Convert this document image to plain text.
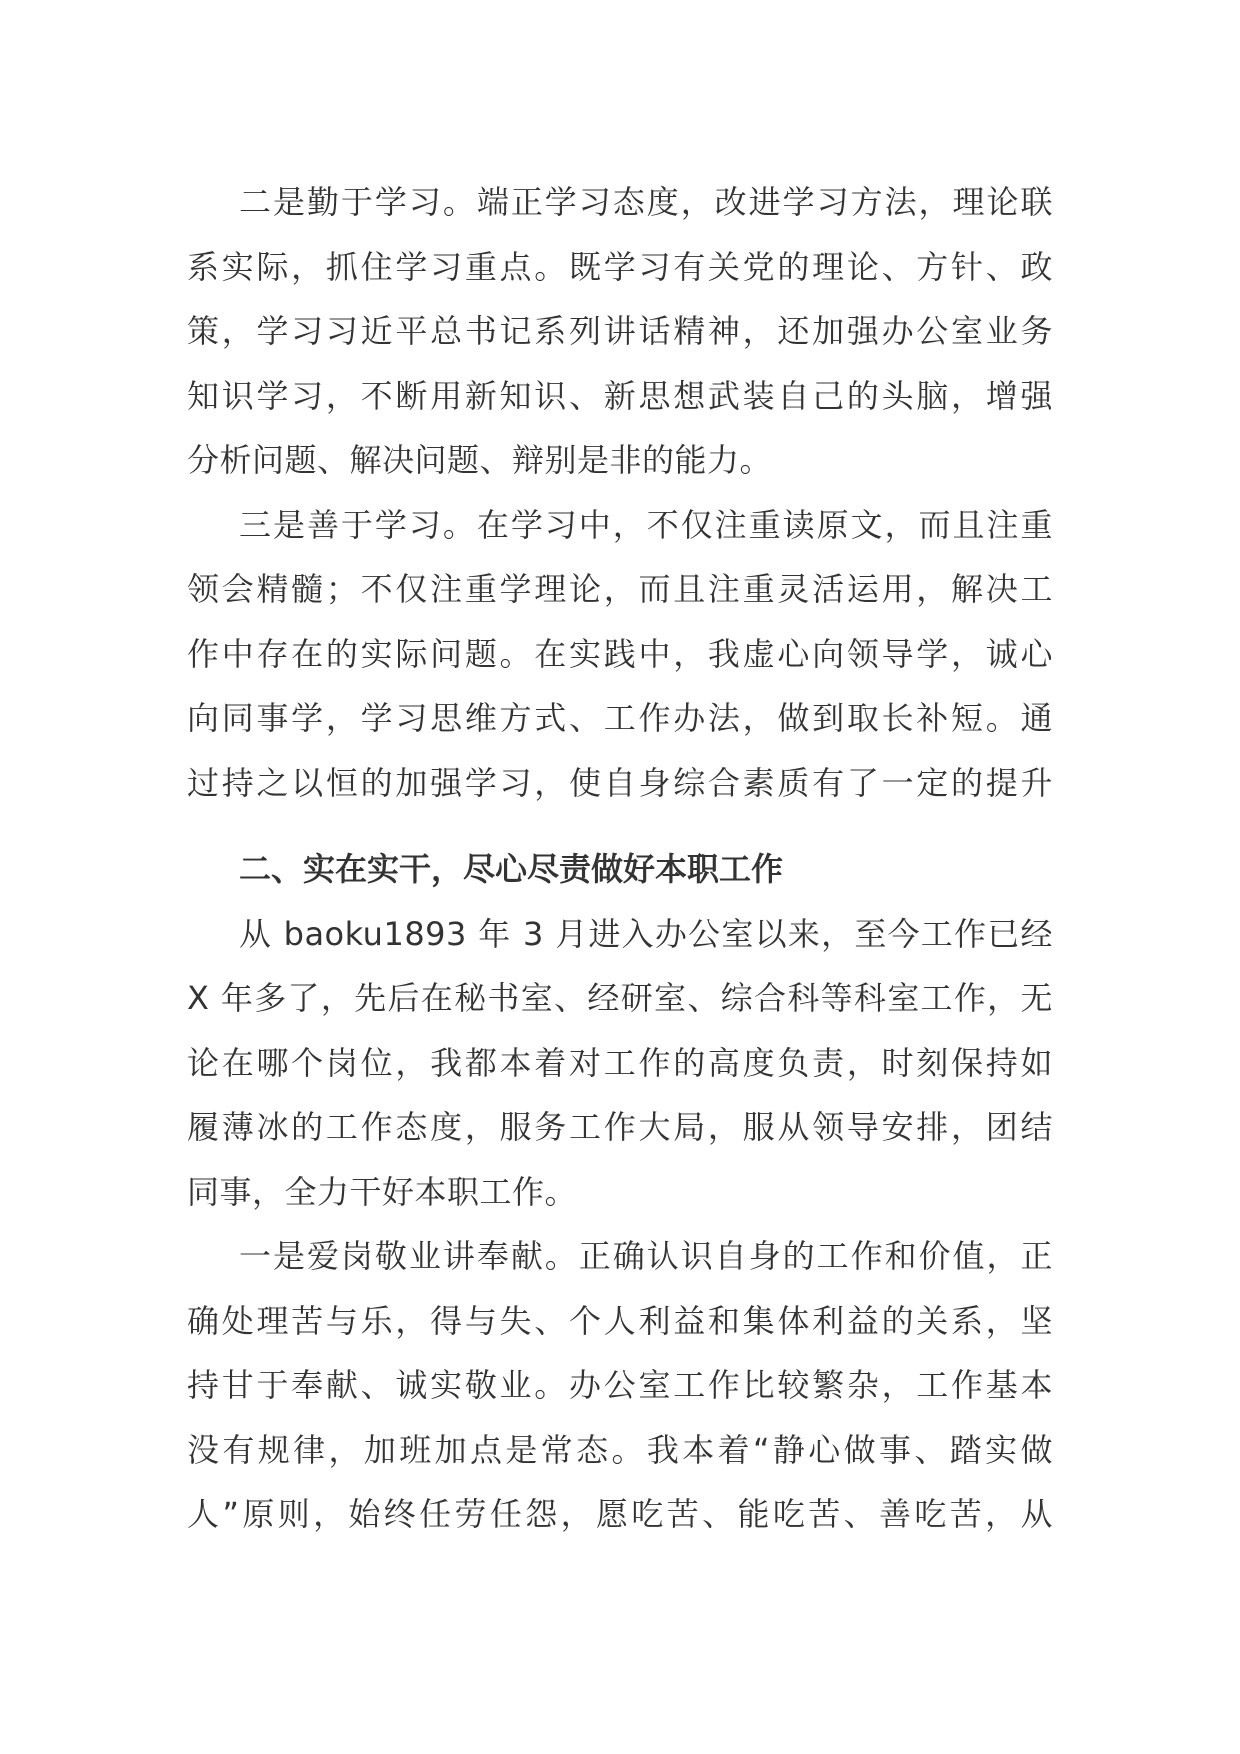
二是勤于学习。端正学习态度，改进学习方法，理论联
系实际，抓住学习重点。既学习有关党的理论、方针、政
策，学习习近平总书记系列讲话精神，还加强办公室业务
知识学习，不断用新知识、新思想武装自己的头脑，增强
分析问题、解决问题、辩别是非的能力。

三是善于学习。在学习中，不仅注重读原文，而且注重
领会精髓；不仅注重学理论，而且注重灵活运用，解决工
作中存在的实际问题。在实践中，我虚心向领导学，诚心
向同事学，学习思维方式、工作办法，做到取长补短。通
过持之以恒的加强学习，使自身综合素质有了一定的提升

二、实在实干，尽心尽责做好本职工作

从 baoku1893 年 3 月进入办公室以来，至今工作已经
X 年多了，先后在秘书室、经研室、综合科等科室工作，无
论在哪个岗位，我都本着对工作的高度负责，时刻保持如
履薄冰的工作态度，服务工作大局，服从领导安排，团结
同事，全力干好本职工作。

一是爱岗敬业讲奉献。正确认识自身的工作和价值，正
确处理苦与乐，得与失、个人利益和集体利益的关系，坚
持甘于奉献、诚实敬业。办公室工作比较繁杂，工作基本
没有规律，加班加点是常态。我本着“静心做事、踏实做
人”原则，始终任劳任怨，愿吃苦、能吃苦、善吃苦，从
